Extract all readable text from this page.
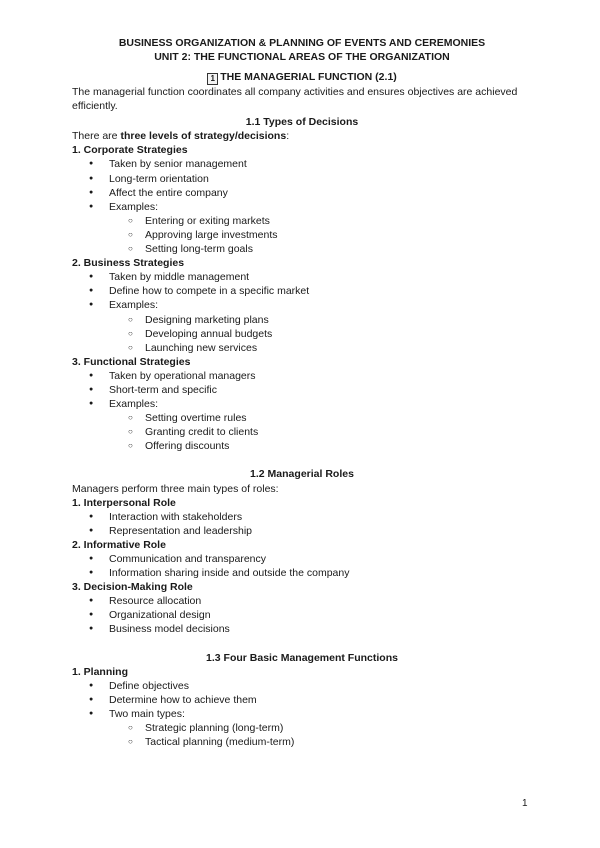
BUSINESS ORGANIZATION & PLANNING OF EVENTS AND CEREMONIES
UNIT 2: THE FUNCTIONAL AREAS OF THE ORGANIZATION
1 THE MANAGERIAL FUNCTION (2.1)

The managerial function coordinates all company activities and ensures objectives are achieved efficiently.

1.1 Types of Decisions

There are three levels of strategy/decisions:

1. Corporate Strategies
● Taken by senior management
● Long-term orientation
● Affect the entire company
● Examples:
○ Entering or exiting markets
○ Approving large investments
○ Setting long-term goals
2. Business Strategies
● Taken by middle management
● Define how to compete in a specific market
● Examples:
○ Designing marketing plans
○ Developing annual budgets
○ Launching new services
3. Functional Strategies
● Taken by operational managers
● Short-term and specific
● Examples:
○ Setting overtime rules
○ Granting credit to clients
○ Offering discounts
1.2 Managerial Roles

Managers perform three main types of roles:

1. Interpersonal Role
● Interaction with stakeholders
● Representation and leadership
2. Informative Role
● Communication and transparency
● Information sharing inside and outside the company
3. Decision-Making Role
● Resource allocation
● Organizational design
● Business model decisions
1.3 Four Basic Management Functions
1. Planning
● Define objectives
● Determine how to achieve them
● Two main types:
○ Strategic planning (long-term)
○ Tactical planning (medium-term)
1
